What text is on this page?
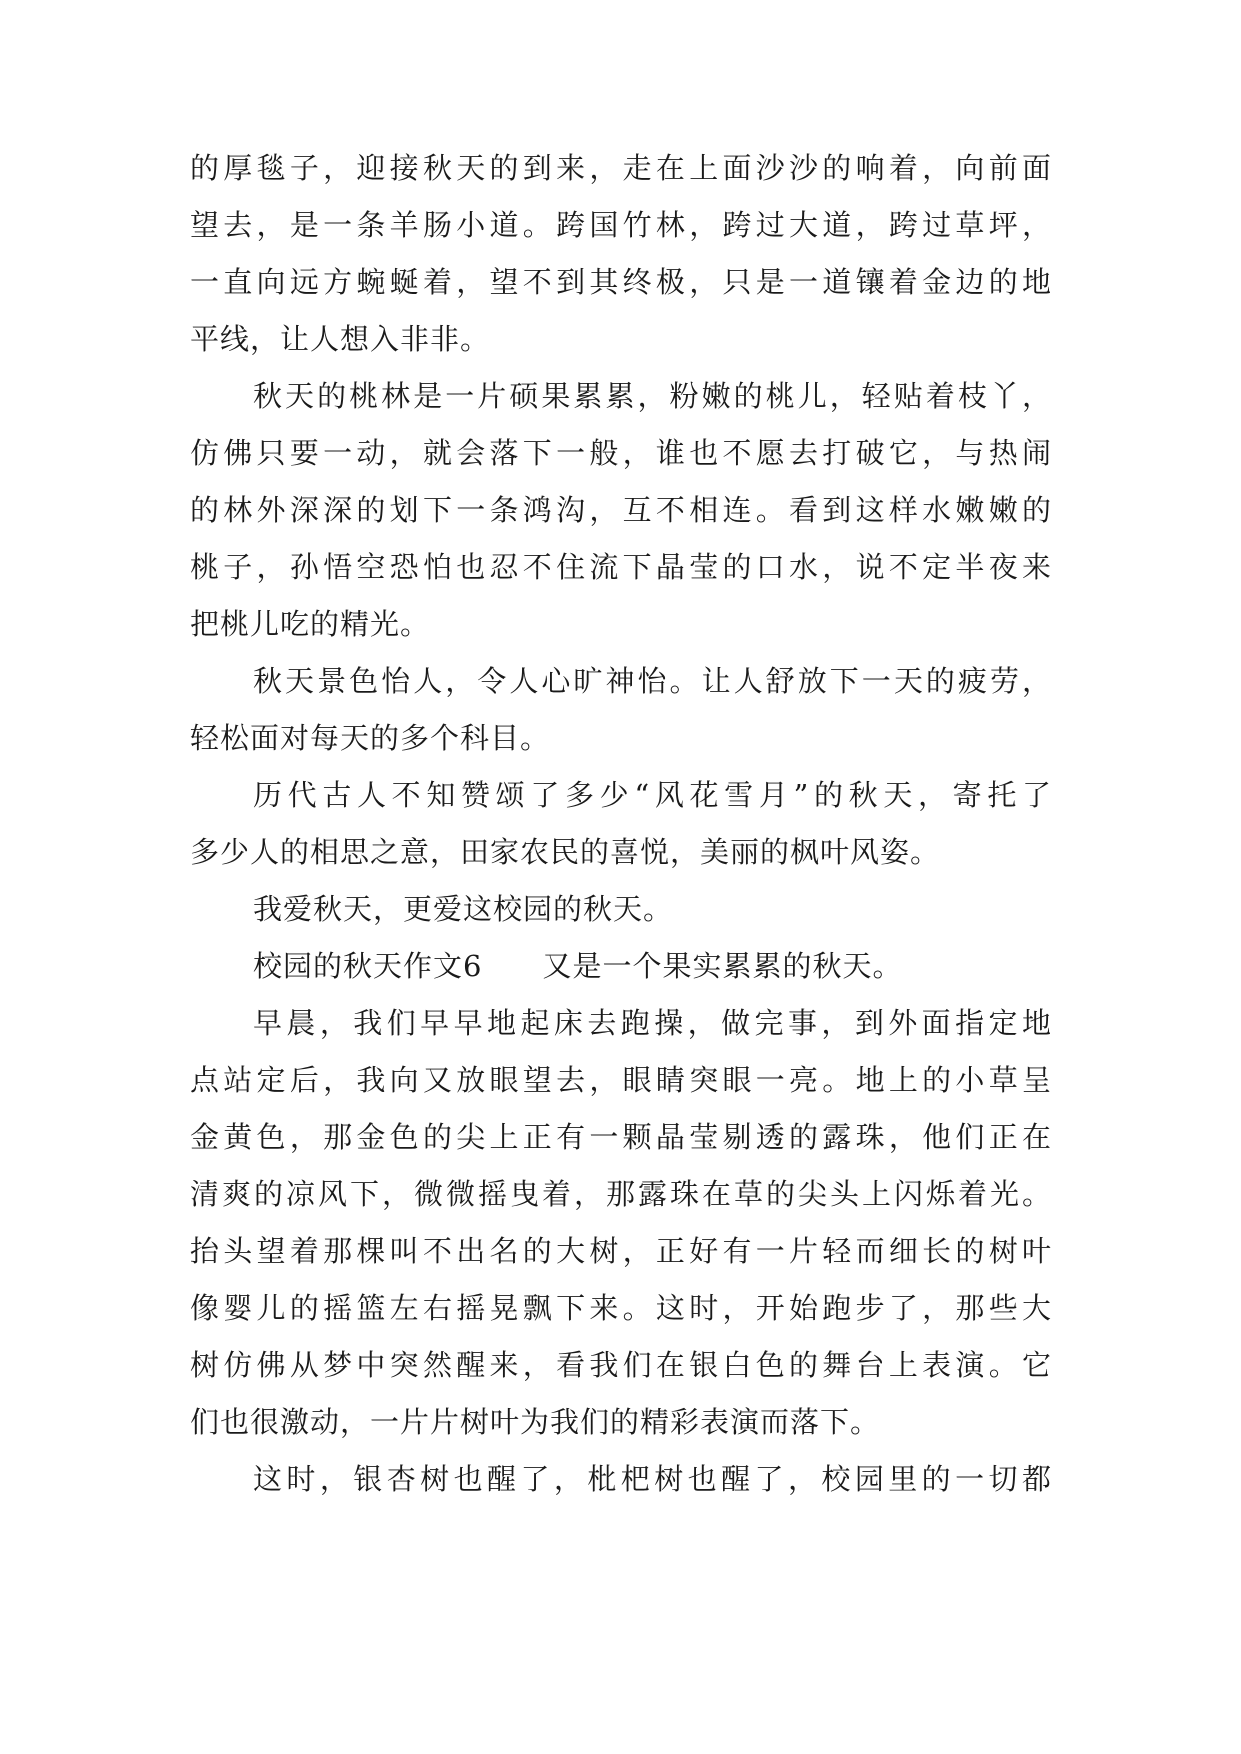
的厚毯子，迎接秋天的到来，走在上面沙沙的响着，向前面
望去，是一条羊肠小道。跨国竹林，跨过大道，跨过草坪，
一直向远方蜿蜒着，望不到其终极，只是一道镶着金边的地
平线，让人想入非非。
秋天的桃林是一片硕果累累，粉嫩的桃儿，轻贴着枝丫，
仿佛只要一动，就会落下一般，谁也不愿去打破它，与热闹
的林外深深的划下一条鸿沟，互不相连。看到这样水嫩嫩的
桃子，孙悟空恐怕也忍不住流下晶莹的口水，说不定半夜来
把桃儿吃的精光。
秋天景色怡人，令人心旷神怡。让人舒放下一天的疲劳，
轻松面对每天的多个科目。
历代古人不知赞颂了多少“风花雪月”的秋天，寄托了
多少人的相思之意，田家农民的喜悦，美丽的枫叶风姿。
我爱秋天，更爱这校园的秋天。
校园的秋天作文6　　又是一个果实累累的秋天。
早晨，我们早早地起床去跑操，做完事，到外面指定地
点站定后，我向又放眼望去，眼睛突眼一亮。地上的小草呈
金黄色，那金色的尖上正有一颗晶莹剔透的露珠，他们正在
清爽的凉风下，微微摇曳着，那露珠在草的尖头上闪烁着光。
抬头望着那棵叫不出名的大树，正好有一片轻而细长的树叶
像婴儿的摇篮左右摇晃飘下来。这时，开始跑步了，那些大
树仿佛从梦中突然醒来，看我们在银白色的舞台上表演。它
们也很激动，一片片树叶为我们的精彩表演而落下。
这时，银杏树也醒了，枇杷树也醒了，校园里的一切都
